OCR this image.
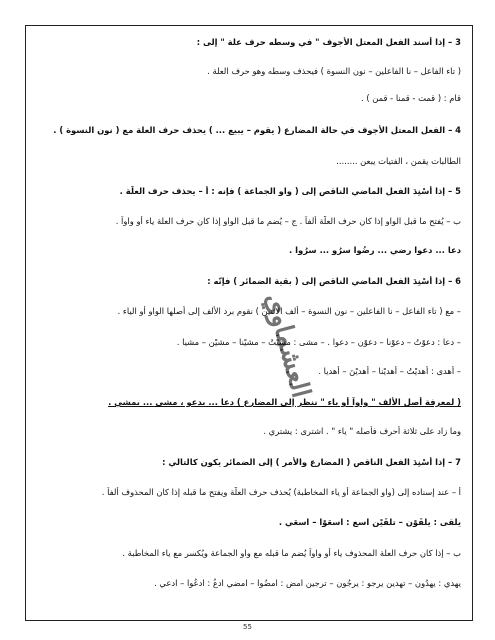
3 – إذا أُسند الفعل المعتل الأجوف " في وسطه حرف علة " إلى :
( تاء الفاعل – نا الفاعلين – نون النسوة ) فيحذف وسطه وهو حرف العلة .
قام : ( قمت - قمنا - قمن ) .
4 – الفعل المعتل الأجوف في حالة المضارع ( يقوم – يبيع ... ) يحذف حرف العلة مع ( نون النسوة ) .
الطالبات يقمن ، الفتيات يبعن ........
5 – إذا أُسْنِدَ الفعل الماضي الناقص إلى ( واو الجماعة ) فإنه : أ – يحذف حرف العلّة .
ب – يُفتح ما قبل الواو إذا كان حرف العلّة ألفاً . ج – يُضم ما قبل الواو إذا كان حرف العلة ياء أو واواً .
دعا ... دعوا رضي ... رضُوا سرُو ... سرُوا .
6 – إذا أُسْنِدَ الفعل الماضي الناقص إلى ( بقية الضمائر ) فإنّه :
– مع ( تاء الفاعل – نا الفاعلين – نون النسوة – ألف الاثنين ) نقوم برد الألف إلى أصلها الواو أو الياء .
– دعا : دعوْتُ – دعوْنا – دعوْن – دعوا . – مشى : مشيْتُ – مشيْنا – مشيْن – مشيا .
– أهدى : أهديْتُ – أهديْنا – أهديْنَ – أهديا .
( لمعرفة أصل الألف " واواً أو ياء " ننظر إلى المضارع ) دعا ... يدعو ، مشى ... يمشي .
وما زاد على ثلاثة أحرف فأصله " ياء " . اشترى : يشتري .
7 – إذا أُسْنِدَ الفعل الناقص ( المضارع والأمر ) إلى الضمائر يكون كالتالي :
أ – عند إسناده إلى (واو الجماعة أو ياء المخاطبة) يُحذف حرف العلّة ويفتح ما قبله إذا كان المحذوف ألفاً .
يلقى : يلقَوْن – تلقَيْن اسع : اسعَوْا – اسعَي .
ب – إذا كان حرف العلة المحذوف ياء أو واواً يُضم ما قبله مع واو الجماعة ويُكسر مع ياء المخاطبة .
يهدي : يهدُون – تهدين يرجو : يرجُون – ترجين امض : امضُوا – امضي ادعُ : ادعُوا – ادعي .
العشماوي
55
